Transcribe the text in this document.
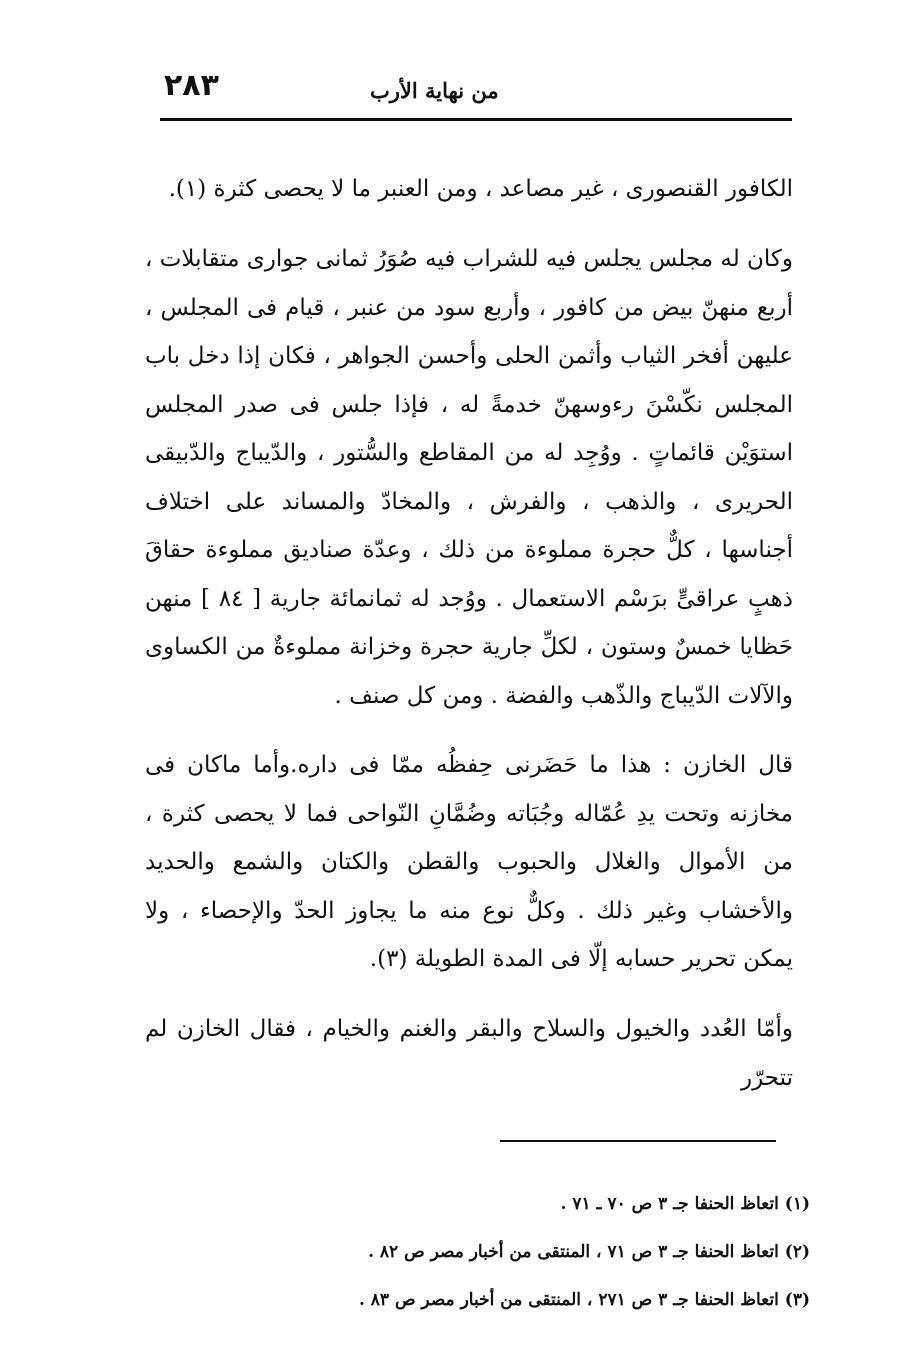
٢٨٣	من نهاية الأرب

الكافور القنصورى ، غير مصاعد ، ومن العنبر ما لا يحصى كثرة (١).

وكان له مجلس يجلس فيه للشراب فيه صُوَرُ ثمانى جوارى متقابلات ، أربع منهنّ بيض من كافور ، وأربع سود من عنبر ، قيام فى المجلس ، عليهن أفخر الثياب وأثمن الحلى وأحسن الجواهر ، فكان إذا دخل باب المجلس نكّسْنَ رءوسهنّ خدمةً له ، فإذا جلس فى صدر المجلس استوَيْن قائماتٍ . ووُجِد له من المقاطع والسُّتور ، والدّيباج والدّبيقى الحريرى ، والذهب ، والفرش ، والمخادّ والمساند على اختلاف أجناسها ، كلٌّ حجرة مملوءة من ذلك ، وعدّة صناديق مملوءة حقاقَ ذهبٍ عراقىٍّ برَسْم الاستعمال . ووُجد له ثمانمائة جارية [ ٨٤ ] منهن حَظايا خمسٌ وستون ، لكلِّ جارية حجرة وخزانة مملوءةٌ من الكساوى والآلات الدّيباج والذّهب والفضة . ومن كل صنف .

قال الخازن : هذا ما حَضَرنى حِفظُه ممّا فى داره.وأما ماكان فى مخازنه وتحت يدِ عُمّاله وجُبَاته وضُمَّانِ النّواحى فما لا يحصى كثرة ، من الأموال والغلال والحبوب والقطن والكتان والشمع والحديد والأخشاب وغير ذلك . وكلٌّ نوع منه ما يجاوز الحدّ والإحصاء ، ولا يمكن تحرير حسابه إلّا فى المدة الطويلة (٣).

وأمّا العُدد والخيول والسلاح والبقر والغنم والخيام ، فقال الخازن لم تتحرّر

(١) اتعاظ الحنفا جـ ٣ ص ٧٠ ـ ٧١ .
(٢) اتعاظ الحنفا جـ ٣ ص ٧١ ، المنتقى من أخبار مصر ص ٨٢ .
(٣) اتعاظ الحنفا جـ ٣ ص ٢٧١ ، المنتقى من أخبار مصر ص ٨٣ .
